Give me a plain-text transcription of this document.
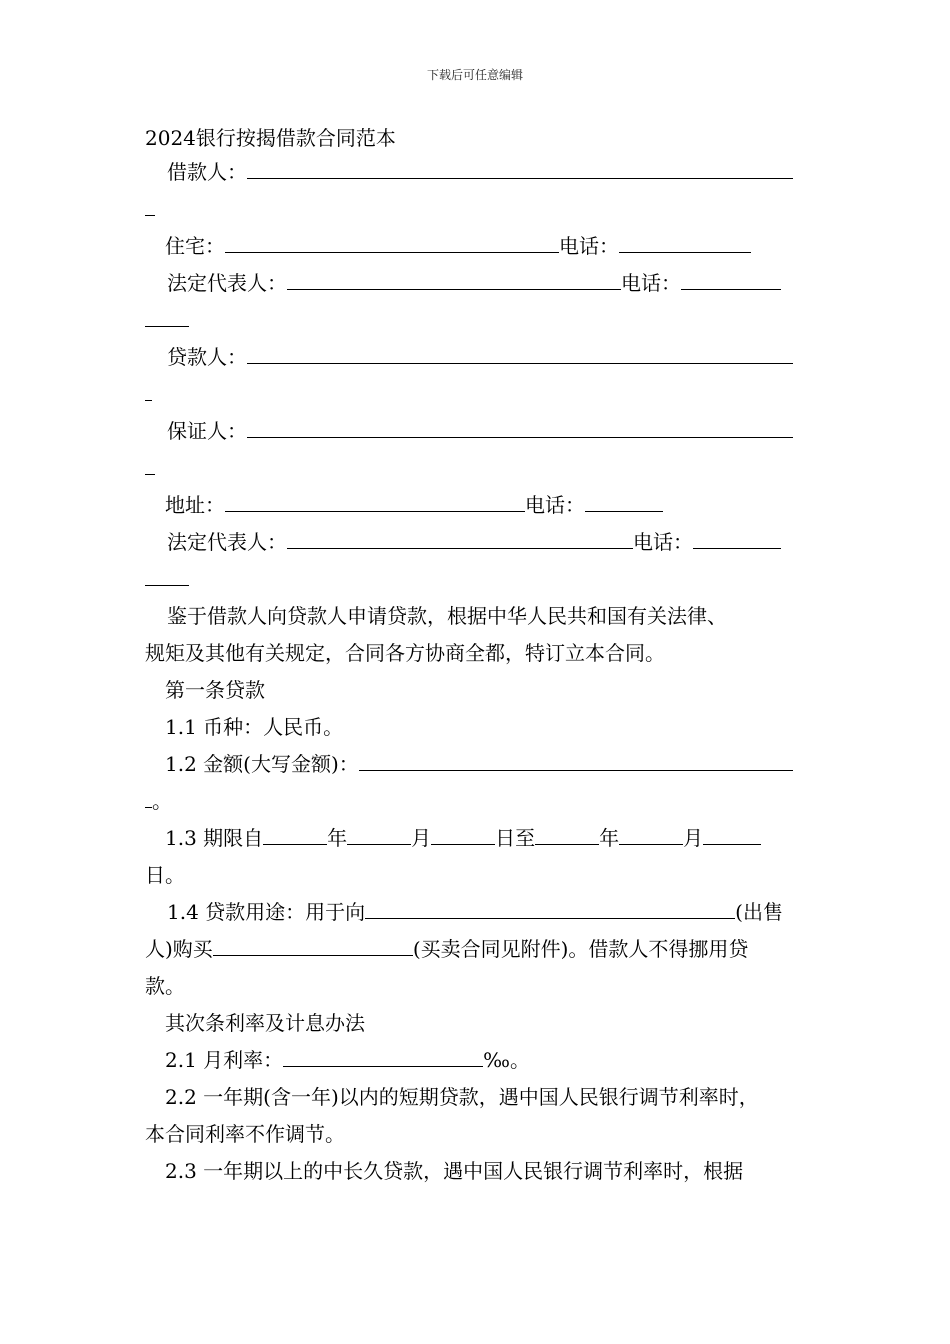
下载后可任意编辑
2024银行按揭借款合同范本
借款人：
住宅：	电话：
法定代表人：	电话：
贷款人：
保证人：
地址：	电话：
法定代表人：	电话：
鉴于借款人向贷款人申请贷款，根据中华人民共和国有关法律、
规矩及其他有关规定，合同各方协商全都，特订立本合同。
第一条贷款
1.1 币种：人民币。
1.2 金额(大写金额)：
。
1.3 期限自	年	月	日至	年	月
日。
1.4 贷款用途：用于向	(出售
人)购买	(买卖合同见附件)。借款人不得挪用贷
款。
其次条利率及计息办法
2.1 月利率：	‰。
2.2 一年期(含一年)以内的短期贷款，遇中国人民银行调节利率时，
本合同利率不作调节。
2.3 一年期以上的中长久贷款，遇中国人民银行调节利率时，根据
